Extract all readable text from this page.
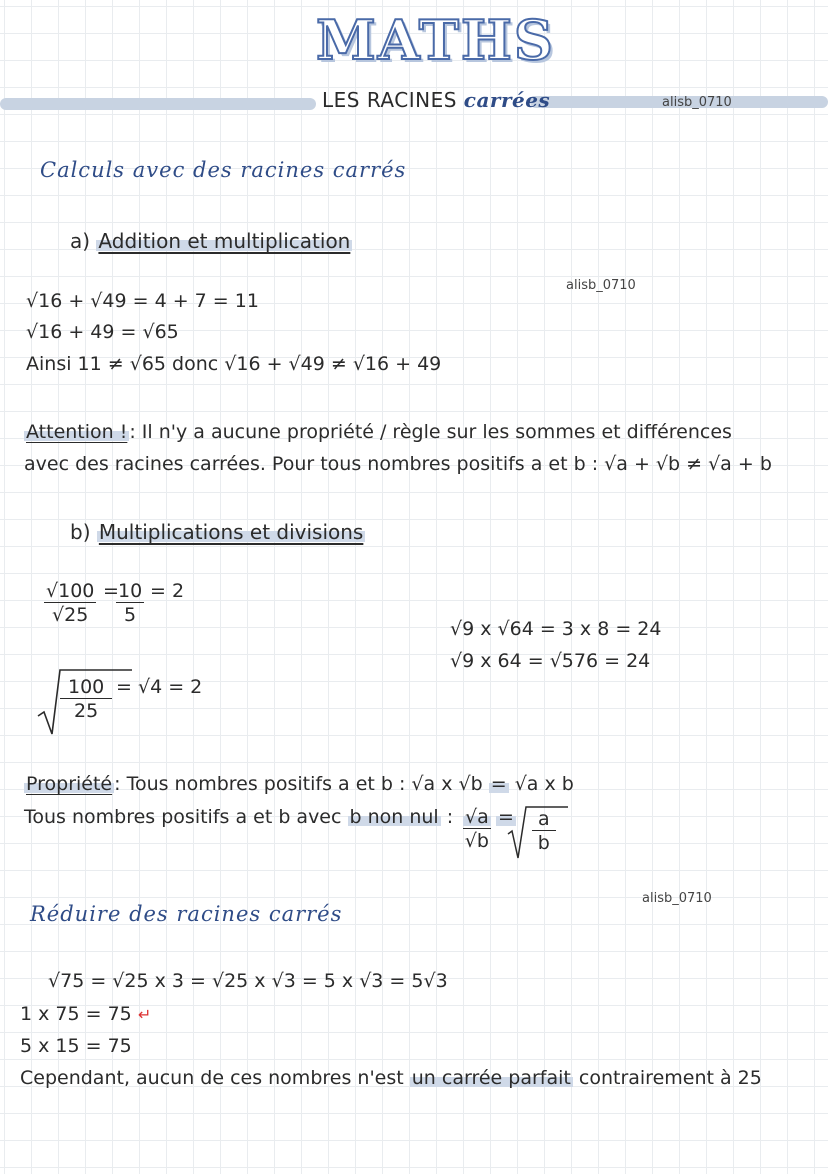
MATHS
LES RACINES carrées	alisb_0710
Calculs avec des racines carrés
a) Addition et multiplication
alisb_0710
√16 + √49 = 4 + 7 = 11
√16 + 49 = √65
Ainsi 11 ≠ √65 donc √16 + √49 ≠ √16 + 49
Attention ! : Il n'y a aucune propriété / règle sur les sommes et différences
avec des racines carrées. Pour tous nombres positifs a et b : √a + √b ≠ √a + b
b) Multiplications et divisions
$\frac{√100}{√25}$ =
$\frac{10}{5} = 2$
$\frac{100}{25} = √4 = 2$
√9 x √64 = 3 x 8 = 24
√9 x 64 = √576 = 24
Propriété : Tous nombres positifs a et b : √a x √b = √a x b
Tous nombres positifs a et b avec b non nul : $\frac{√a}{√b} = \frac{a}{b}$
alisb_0710
Réduire des racines carrés
√75 = √25 x 3 = √25 x √3 = 5 x √3 = 5√3
1 x 75 = 75 ↵
5 x 15 = 75
Cependant, aucun de ces nombres n'est un carrée parfait contrairement à 25
